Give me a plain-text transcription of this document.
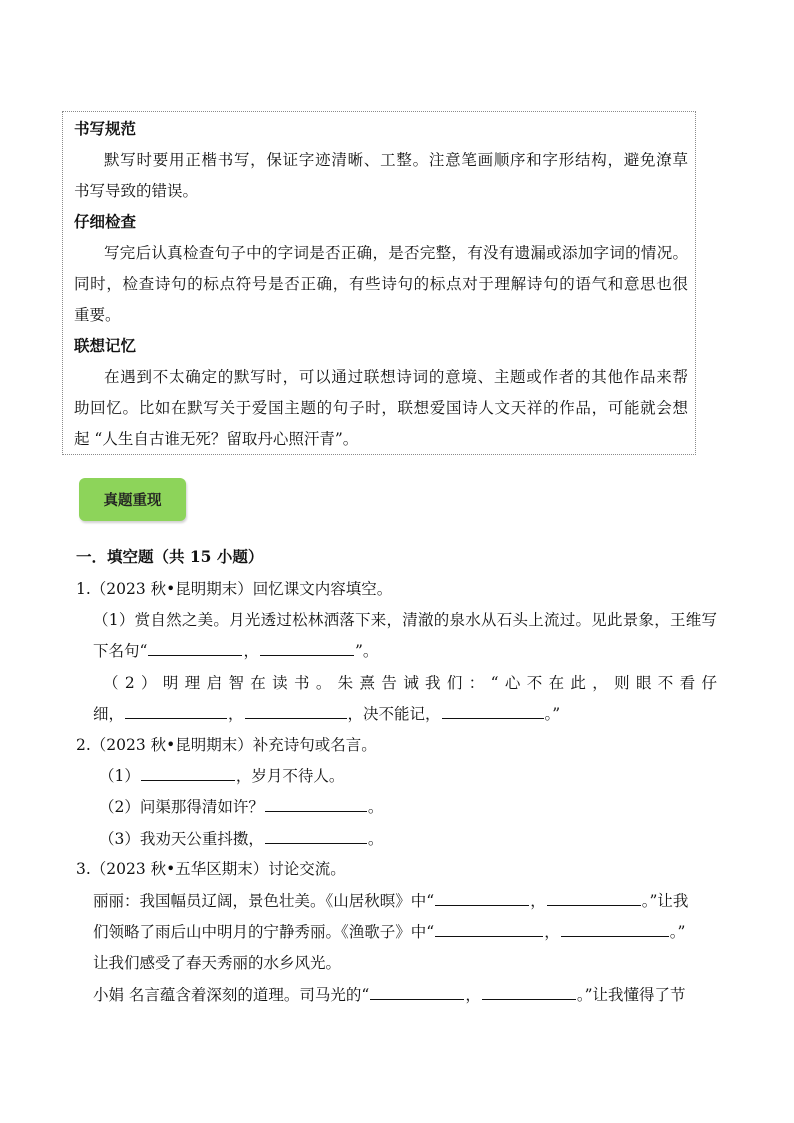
书写规范
默写时要用正楷书写，保证字迹清晰、工整。注意笔画顺序和字形结构，避免潦草
书写导致的错误。
仔细检查
写完后认真检查句子中的字词是否正确，是否完整，有没有遗漏或添加字词的情况。
同时，检查诗句的标点符号是否正确，有些诗句的标点对于理解诗句的语气和意思也很
重要。
联想记忆
在遇到不太确定的默写时，可以通过联想诗词的意境、主题或作者的其他作品来帮
助回忆。比如在默写关于爱国主题的句子时，联想爱国诗人文天祥的作品，可能就会想
起 “人生自古谁无死？留取丹心照汗青”。
真题重现
一．填空题（共 15 小题）
1.（2023 秋•昆明期末）回忆课文内容填空。
（1）赏自然之美。月光透过松林洒落下来，清澈的泉水从石头上流过。见此景象，王维写
下名句“	，	”。
（2）明理启智在读书。朱熹告诫我们：“心不在此，则眼不看仔
细，	，	，决不能记，	。”
2.（2023 秋•昆明期末）补充诗句或名言。
（1）	，岁月不待人。
（2）问渠那得清如许？	。
（3）我劝天公重抖擞，	。
3.（2023 秋•五华区期末）讨论交流。
丽丽：我国幅员辽阔，景色壮美。《山居秋暝》中“	，	。”让我
们领略了雨后山中明月的宁静秀丽。《渔歌子》中“	，	。”
让我们感受了春天秀丽的水乡风光。
小娟 名言蕴含着深刻的道理。司马光的“	，	。”让我懂得了节
